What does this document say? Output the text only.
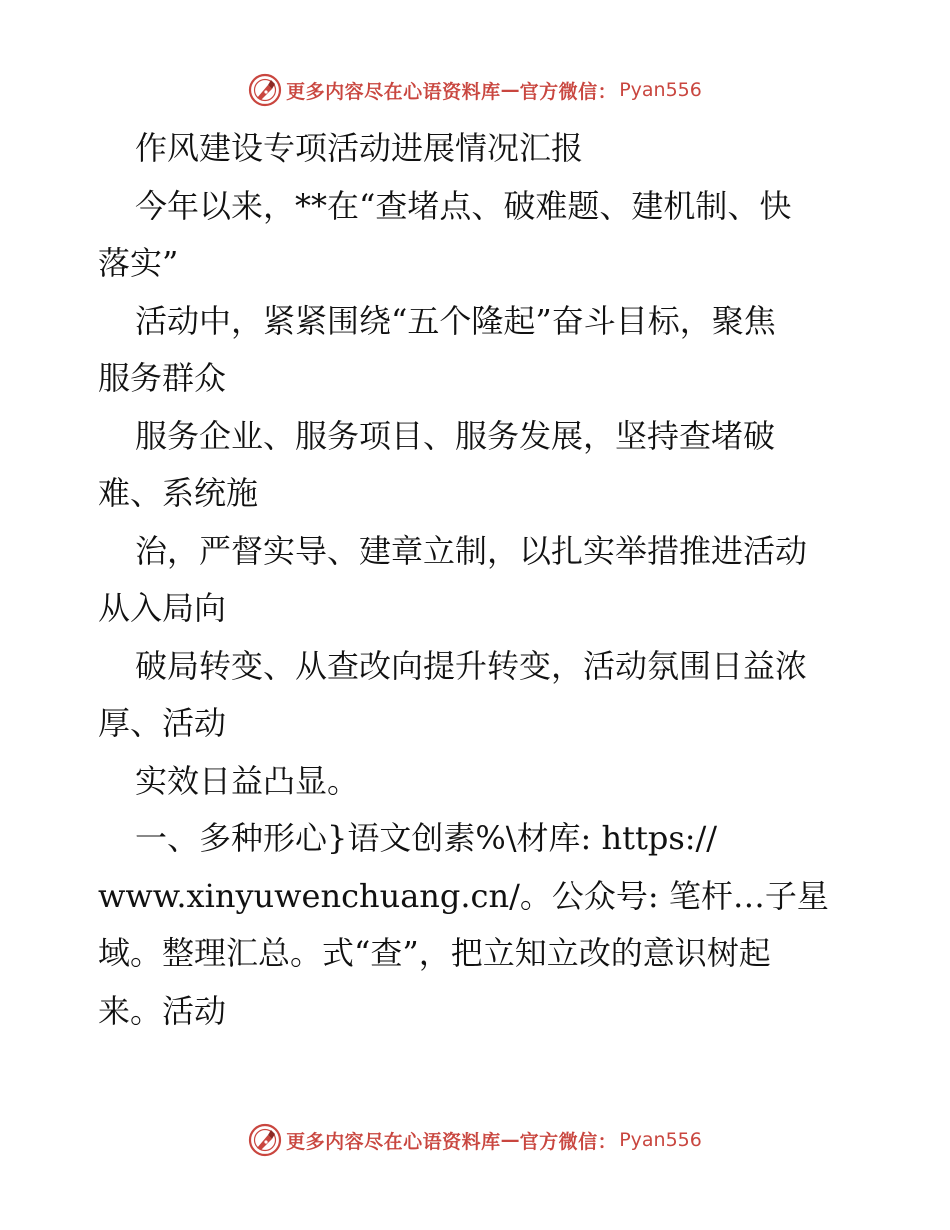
更多内容尽在心语资料库 — 官方微信： Pyan556
作风建设专项活动进展情况汇报
今年以来，**在“查堵点、破难题、建机制、快
落实”
活动中，紧紧围绕“五个隆起”奋斗目标，聚焦
服务群众
服务企业、服务项目、服务发展，坚持查堵破
难、系统施
治，严督实导、建章立制，以扎实举措推进活动
从入局向
破局转变、从查改向提升转变，活动氛围日益浓
厚、活动
实效日益凸显。
一、多种形心}语文创素%\材库: https://
www.xinyuwenchuang.cn/。公众号: 笔杆…子星
域。整理汇总。式“查”，把立知立改的意识树起
来。活动
更多内容尽在心语资料库 — 官方微信： Pyan556
